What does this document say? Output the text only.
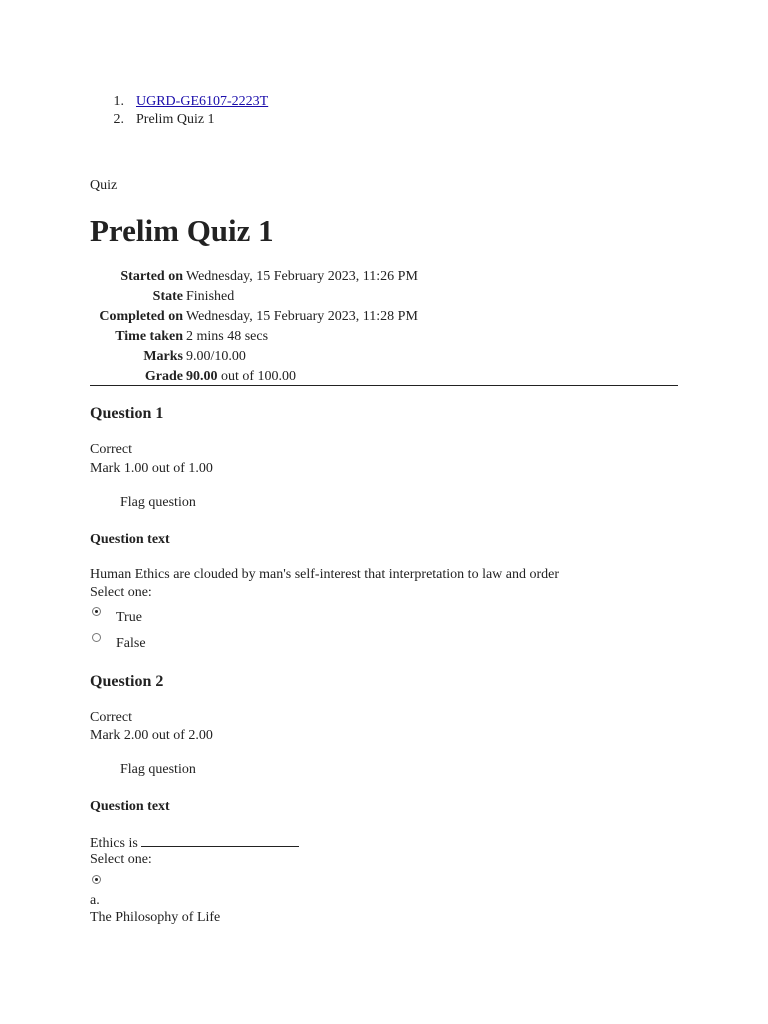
1. UGRD-GE6107-2223T
2. Prelim Quiz 1
Quiz
Prelim Quiz 1
Started on	Wednesday, 15 February 2023, 11:26 PM
State	Finished
Completed on	Wednesday, 15 February 2023, 11:28 PM
Time taken	2 mins 48 secs
Marks	9.00/10.00
Grade	90.00 out of 100.00
Question 1
Correct
Mark 1.00 out of 1.00
Flag question
Question text
Human Ethics are clouded by man's self-interest that interpretation to law and order
Select one:
True
False
Question 2
Correct
Mark 2.00 out of 2.00
Flag question
Question text
Ethics is
Select one:
a.
The Philosophy of Life
